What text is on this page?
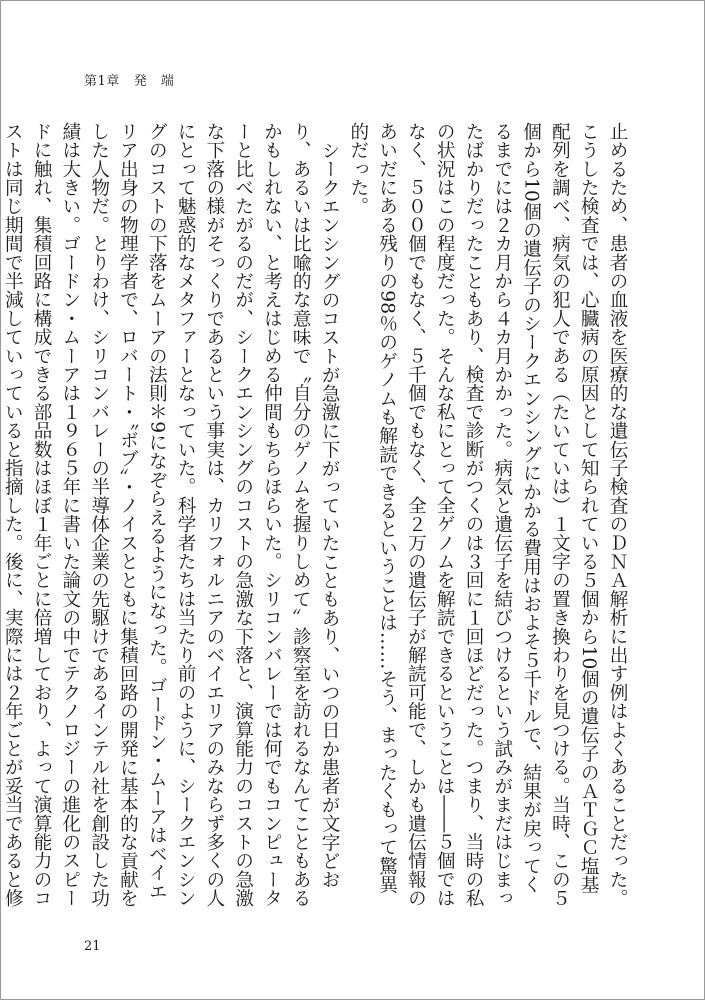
第1章 発　端

止めるため、患者の血液を医療的な遺伝子検査のＤＮＡ解析に出す例はよくあることだった。こうした検査では、心臓病の原因として知られている５個から10個の遺伝子のＡＴＧＣ塩基配列を調べ、病気の犯人である（たいていは）１文字の置き換わりを見つける。当時、この５個から10個の遺伝子のシークエンシングにかかる費用はおよそ５千ドルで、結果が戻ってくるまでには２カ月から４カ月かかった。病気と遺伝子を結びつけるという試みがまだはじまったばかりだったこともあり、検査で診断がつくのは３回に１回ほどだった。つまり、当時の私の状況はこの程度だった。そんな私にとって全ゲノムを解読できるということは――５個ではなく、５００個でもなく、５千個でもなく、全２万の遺伝子が解読可能で、しかも遺伝情報のあいだにある残りの98％のゲノムも解読できるということは……そう、まったくもって驚異的だった。

シークエンシングのコストが急激に下がっていたこともあり、いつの日か患者が文字どおり、あるいは比喩的な意味で〝自分のゲノムを握りしめて〟診察室を訪れるなんてこともあるかもしれない、と考えはじめる仲間もちらほらいた。シリコンバレーでは何でもコンピューターと比べたがるのだが、シークエンシングのコストの急激な下落と、演算能力のコストの急激な下落の様がそっくりであるという事実は、カリフォルニアのベイエリアのみならず多くの人にとって魅惑的なメタファーとなっていた。科学者たちは当たり前のように、シークエンシングのコストの下落をムーアの法則＊9になぞらえるようになった。ゴードン・ムーアはベイエリア出身の物理学者で、ロバート・〝ボブ〟・ノイスとともに集積回路の開発に基本的な貢献をした人物だ。とりわけ、シリコンバレーの半導体企業の先駆けであるインテル社を創設した功績は大きい。ゴードン・ムーアは１９６５年に書いた論文の中でテクノロジーの進化のスピードに触れ、集積回路に構成できる部品数はほぼ１年ごとに倍増しており、よって演算能力のコストは同じ期間で半減していっていると指摘した。後に、実際には２年ごとが妥当であると修

21
